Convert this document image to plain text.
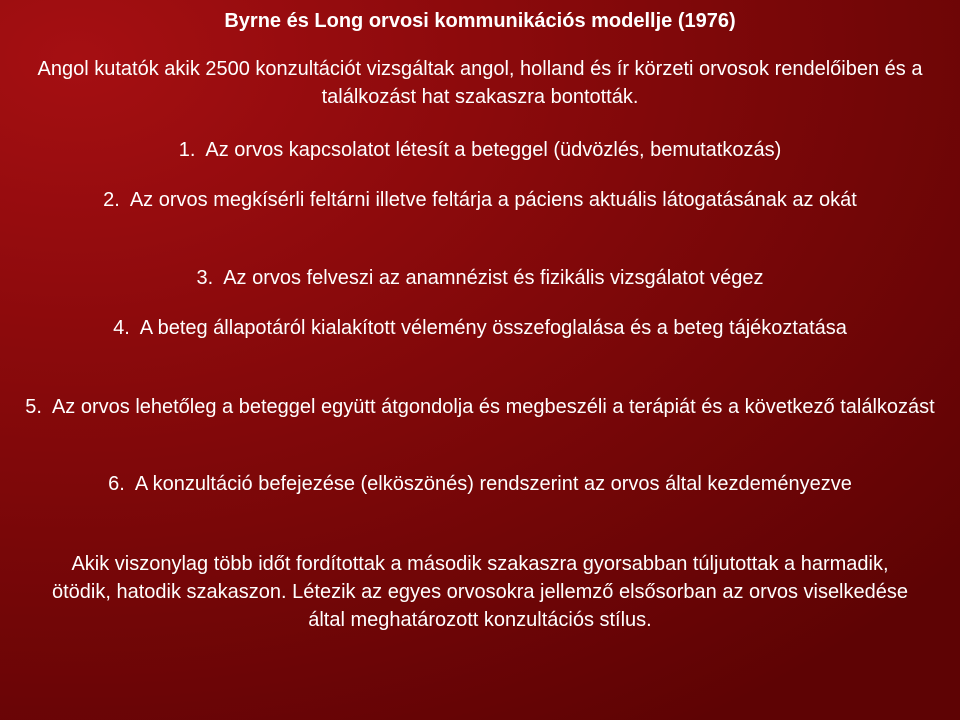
Byrne és Long orvosi kommunikációs modellje (1976)
Angol kutatók akik 2500 konzultációt vizsgáltak angol, holland és ír körzeti orvosok rendelőiben és a találkozást hat szakaszra bontották.
1. Az orvos kapcsolatot létesít a beteggel (üdvözlés, bemutatkozás)
2. Az orvos megkísérli feltárni illetve feltárja a páciens aktuális látogatásának az okát
3. Az orvos felveszi az anamnézist és fizikális vizsgálatot végez
4. A beteg állapotáról kialakított vélemény összefoglalása és a beteg tájékoztatása
5. Az orvos lehetőleg a beteggel együtt átgondolja és megbeszéli a terápiát és a következő találkozást
6. A konzultáció befejezése (elköszönés) rendszerint az orvos által kezdeményezve
Akik viszonylag több időt fordítottak a második szakaszra gyorsabban túljutottak a harmadik, ötödik, hatodik szakaszon. Létezik az egyes orvosokra jellemző elsősorban az orvos viselkedése által meghatározott konzultációs stílus.
